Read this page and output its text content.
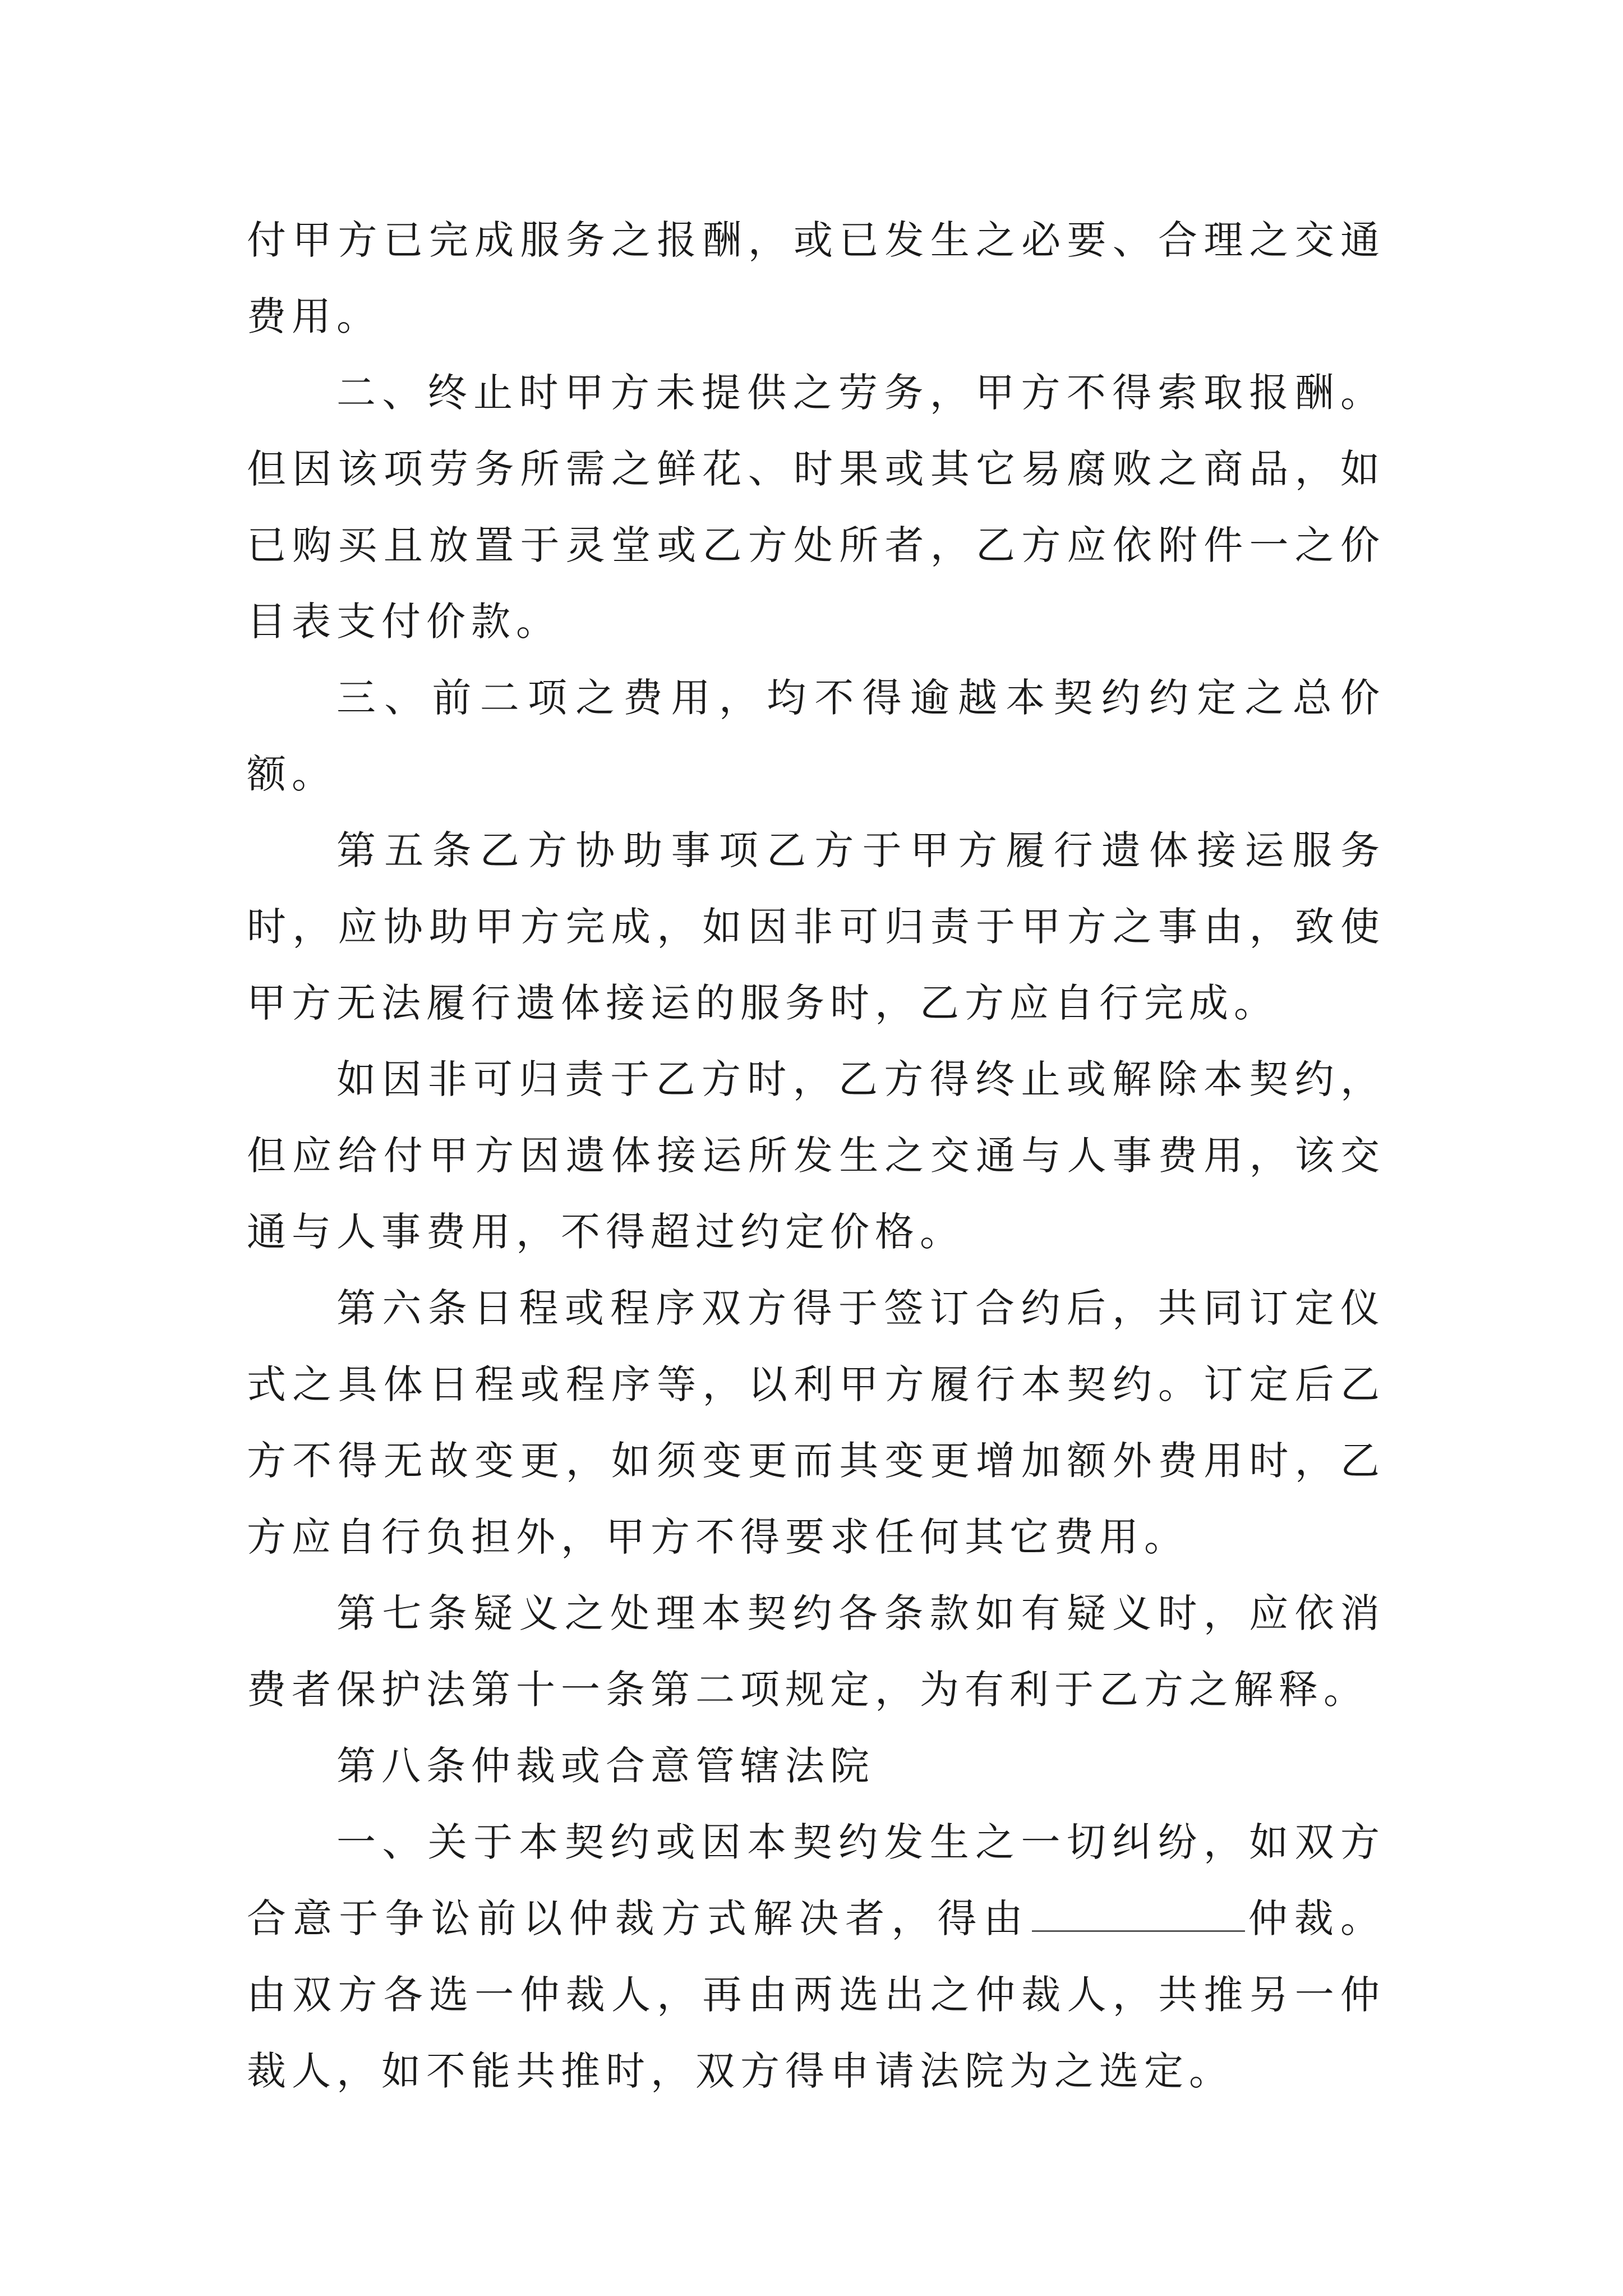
付甲方已完成服务之报酬，或已发生之必要、合理之交通费用。

二、终止时甲方未提供之劳务，甲方不得索取报酬。但因该项劳务所需之鲜花、时果或其它易腐败之商品，如已购买且放置于灵堂或乙方处所者，乙方应依附件一之价目表支付价款。

三、前二项之费用，均不得逾越本契约约定之总价额。

第五条乙方协助事项乙方于甲方履行遗体接运服务时，应协助甲方完成，如因非可归责于甲方之事由，致使甲方无法履行遗体接运的服务时，乙方应自行完成。

如因非可归责于乙方时，乙方得终止或解除本契约，但应给付甲方因遗体接运所发生之交通与人事费用，该交通与人事费用，不得超过约定价格。

第六条日程或程序双方得于签订合约后，共同订定仪式之具体日程或程序等，以利甲方履行本契约。订定后乙方不得无故变更，如须变更而其变更增加额外费用时，乙方应自行负担外，甲方不得要求任何其它费用。

第七条疑义之处理本契约各条款如有疑义时，应依消费者保护法第十一条第二项规定，为有利于乙方之解释。

第八条仲裁或合意管辖法院

一、关于本契约或因本契约发生之一切纠纷，如双方合意于争讼前以仲裁方式解决者，得由	仲裁。由双方各选一仲裁人，再由两选出之仲裁人，共推另一仲裁人，如不能共推时，双方得申请法院为之选定。
